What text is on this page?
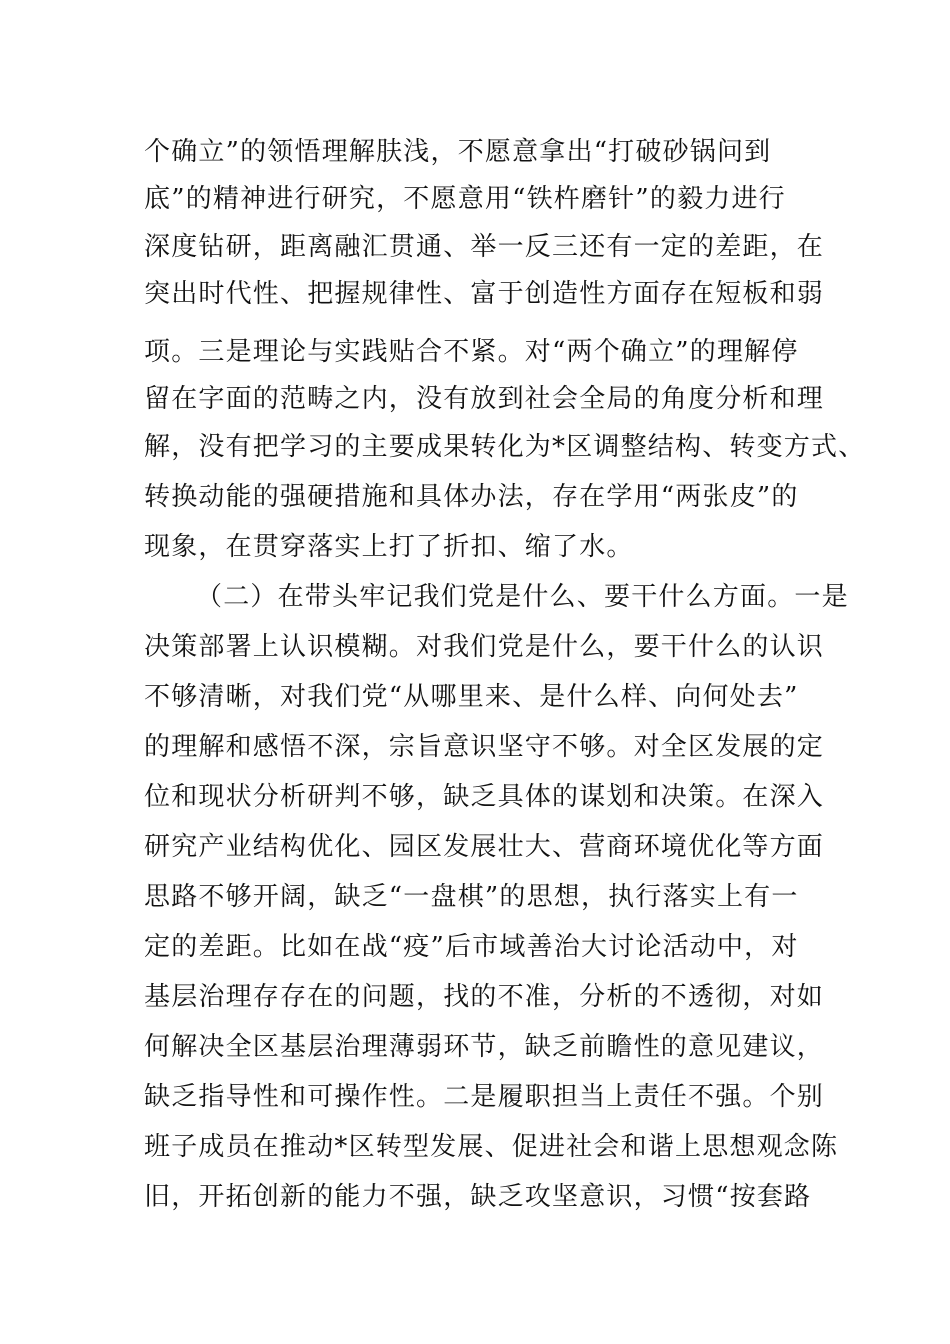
个确立”的领悟理解肤浅，不愿意拿出“打破砂锅问到
底”的精神进行研究，不愿意用“铁杵磨针”的毅力进行
深度钻研，距离融汇贯通、举一反三还有一定的差距，在
突出时代性、把握规律性、富于创造性方面存在短板和弱
项。三是理论与实践贴合不紧。对“两个确立”的理解停
留在字面的范畴之内，没有放到社会全局的角度分析和理
解，没有把学习的主要成果转化为*区调整结构、转变方式、
转换动能的强硬措施和具体办法，存在学用“两张皮”的
现象，在贯穿落实上打了折扣、缩了水。
（二）在带头牢记我们党是什么、要干什么方面。一是
决策部署上认识模糊。对我们党是什么，要干什么的认识
不够清晰，对我们党“从哪里来、是什么样、向何处去”
的理解和感悟不深，宗旨意识坚守不够。对全区发展的定
位和现状分析研判不够，缺乏具体的谋划和决策。在深入
研究产业结构优化、园区发展壮大、营商环境优化等方面
思路不够开阔，缺乏“一盘棋”的思想，执行落实上有一
定的差距。比如在战“疫”后市域善治大讨论活动中，对
基层治理存存在的问题，找的不准，分析的不透彻，对如
何解决全区基层治理薄弱环节，缺乏前瞻性的意见建议，
缺乏指导性和可操作性。二是履职担当上责任不强。个别
班子成员在推动*区转型发展、促进社会和谐上思想观念陈
旧，开拓创新的能力不强，缺乏攻坚意识，习惯“按套路
